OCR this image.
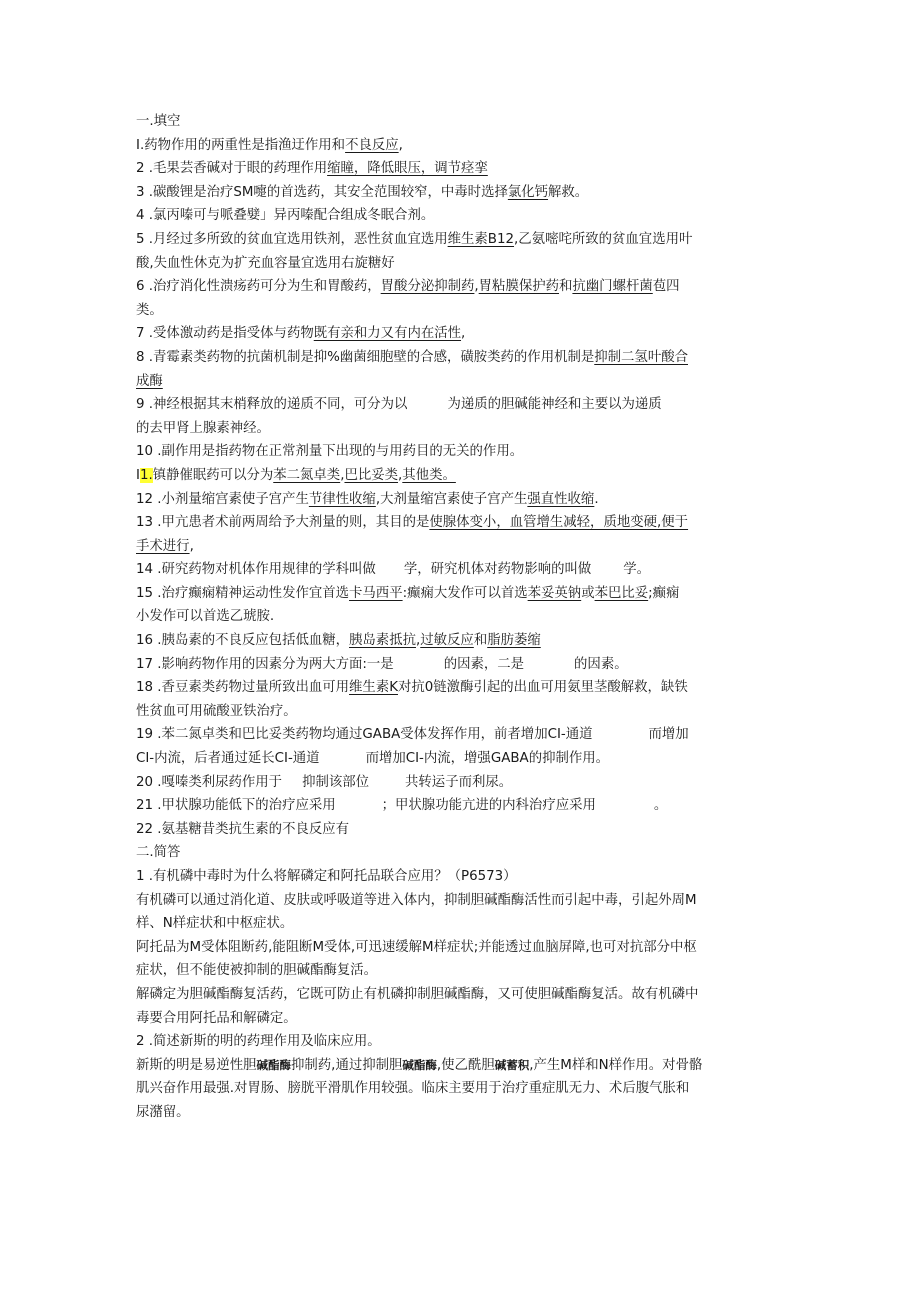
一.填空

I.药物作用的两重性是指渔迂作用和不良反应,

2 .毛果芸香碱对于眼的药理作用缩瞳，降低眼压，调节痉挛

3 .碳酸锂是治疗SM嚏的首选药，其安全范围较窄，中毒时选择氯化钙解救。

4 .氯丙嗪可与哌叠嬖」异丙嗪配合组成冬眠合剂。

5 .月经过多所致的贫血宜选用铁剂，恶性贫血宜选用维生素B12,乙氨嘧咤所致的贫血宜选用叶

酸,失血性休克为扩充血容量宜选用右旋糖好

6 .治疗消化性溃疡药可分为生和胃酸药，胃酸分泌抑制药,胃粘膜保护药和抗幽门螺杆菌苞四

类。

7 .受体激动药是指受体与药物既有亲和力又有内在活性,

8 .青霉素类药物的抗菌机制是抑%幽菌细胞壁的合感，磺胺类药的作用机制是抑制二氢叶酸合

成酶

9 .神经根据其末梢释放的递质不同，可分为以	为递质的胆碱能神经和主要以为递质

的去甲肾上腺素神经。

10 .副作用是指药物在正常剂量下出现的与用药目的无关的作用。

I1.镇静催眠药可以分为苯二氮卓类,巴比妥类,其他类。

12 .小剂量缩宫素使子宫产生节律性收缩,大剂量缩宫素使子宫产生强直性收缩.

13 .甲亢患者术前两周给予大剂量的则，其目的是使腺体变小，血管增生减轻，质地变硬,便于

手术进行,

14 .研究药物对机体作用规律的学科叫做 学，研究机体对药物影响的叫做 学。

15 .治疗癫痫精神运动性发作宜首选卡马西平:癫痫大发作可以首选苯妥英钠或苯巴比妥;癫痫

小发作可以首选乙琥胺.

16 .胰岛素的不良反应包括低血糖，胰岛素抵抗,过敏反应和脂肪萎缩

17 .影响药物作用的因素分为两大方面:一是	的因素，二是	的因素。

18 .香豆素类药物过量所致出血可用维生素K对抗0链激酶引起的出血可用氨里茎酸解救，缺铁

性贫血可用硫酸亚铁治疗。

19 .苯二氮卓类和巴比妥类药物均通过GABA受体发挥作用，前者增加CI-通道	而增加

CI-内流，后者通过延长CI-通道	而增加CI-内流，增强GABA的抑制作用。

20 .嘎嗪类利尿药作用于 抑制该部位	共转运子而利尿。

21 .甲状腺功能低下的治疗应采用	；甲状腺功能亢进的内科治疗应采用	。

22 .氨基糖昔类抗生素的不良反应有

二.简答

1 .有机磷中毒时为什么将解磷定和阿托品联合应用？（P6573）

有机磷可以通过消化道、皮肤或呼吸道等进入体内，抑制胆碱酯酶活性而引起中毒，引起外周M

样、N样症状和中枢症状。

阿托品为M受体阻断药,能阻断M受体,可迅速缓解M样症状;并能透过血脑屏障,也可对抗部分中枢

症状，但不能使被抑制的胆碱酯酶复活。

解磷定为胆碱酯酶复活药，它既可防止有机磷抑制胆碱酯酶，又可使胆碱酯酶复活。故有机磷中

毒要合用阿托品和解磷定。

2 .简述新斯的明的药理作用及临床应用。

新斯的明是易逆性胆碱酯酶抑制药,通过抑制胆碱酯酶,使乙酰胆碱蓄积,产生M样和N样作用。对骨骼

肌兴奋作用最强.对胃肠、膀胱平滑肌作用较强。临床主要用于治疗重症肌无力、术后腹气胀和

尿潴留。
